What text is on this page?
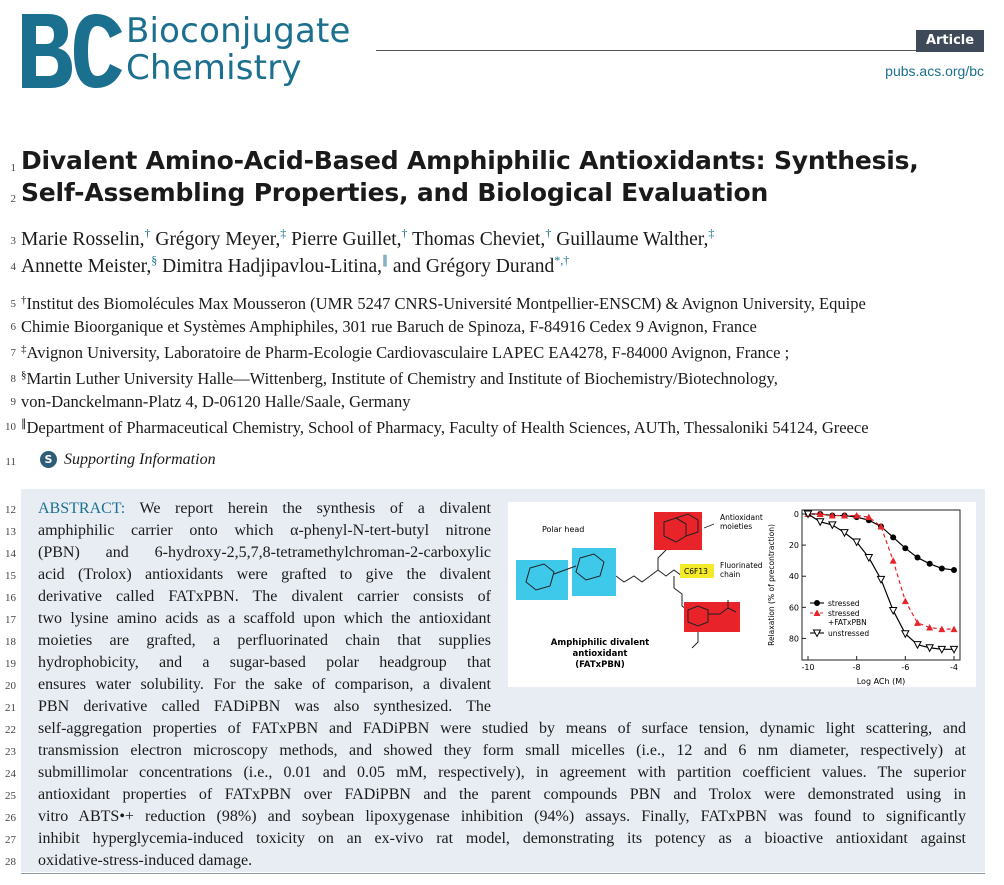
Bioconjugate
Chemistry
Article
pubs.acs.org/bc
1
2
3
4
5
6
7
8
9
10
11
12
13
14
15
16
17
18
19
20
21
22
23
24
25
26
27
28
Divalent Amino-Acid-Based Amphiphilic Antioxidants: Synthesis,
Self-Assembling Properties, and Biological Evaluation
Marie Rosselin,† Grégory Meyer,‡ Pierre Guillet,† Thomas Cheviet,† Guillaume Walther,‡
Annette Meister,§ Dimitra Hadjipavlou-Litina,∥ and Grégory Durand*,†
†Institut des Biomolécules Max Mousseron (UMR 5247 CNRS-Université Montpellier-ENSCM) & Avignon University, Equipe
Chimie Bioorganique et Systèmes Amphiphiles, 301 rue Baruch de Spinoza, F-84916 Cedex 9 Avignon, France
‡Avignon University, Laboratoire de Pharm-Ecologie Cardiovasculaire LAPEC EA4278, F-84000 Avignon, France ;
§Martin Luther University Halle—Wittenberg, Institute of Chemistry and Institute of Biochemistry/Biotechnology,
von-Danckelmann-Platz 4, D-06120 Halle/Saale, Germany
∥Department of Pharmaceutical Chemistry, School of Pharmacy, Faculty of Health Sciences, AUTh, Thessaloniki 54124, Greece
S Supporting Information
ABSTRACT: We report herein the synthesis of a divalent
amphiphilic carrier onto which α-phenyl-N-tert-butyl nitrone
(PBN) and 6-hydroxy-2,5,7,8-tetramethylchroman-2-carboxylic
acid (Trolox) antioxidants were grafted to give the divalent
derivative called FATxPBN. The divalent carrier consists of
two lysine amino acids as a scaffold upon which the antioxidant
moieties are grafted, a perfluorinated chain that supplies
hydrophobicity, and a sugar-based polar headgroup that
ensures water solubility. For the sake of comparison, a divalent
PBN derivative called FADiPBN was also synthesized. The
self-aggregation properties of FATxPBN and FADiPBN were studied by means of surface tension, dynamic light scattering, and
transmission electron microscopy methods, and showed they form small micelles (i.e., 12 and 6 nm diameter, respectively) at
submillimolar concentrations (i.e., 0.01 and 0.05 mM, respectively), in agreement with partition coefficient values. The superior
antioxidant properties of FATxPBN over FADiPBN and the parent compounds PBN and Trolox were demonstrated using in
vitro ABTS•+ reduction (98%) and soybean lipoxygenase inhibition (94%) assays. Finally, FATxPBN was found to significantly
inhibit hyperglycemia-induced toxicity on an ex-vivo rat model, demonstrating its potency as a bioactive antioxidant against
oxidative-stress-induced damage.
Polar head
Antioxidant moieties
C6F13
Fluorinated chain
Amphiphilic divalent
antioxidant
(FATxPBN)	-10	-8	-6	-4
0
20
40
60
80
stressed
stressed
+FATxPBN
unstressed
Log ACh (M)
Relaxation (% of precontraction)
